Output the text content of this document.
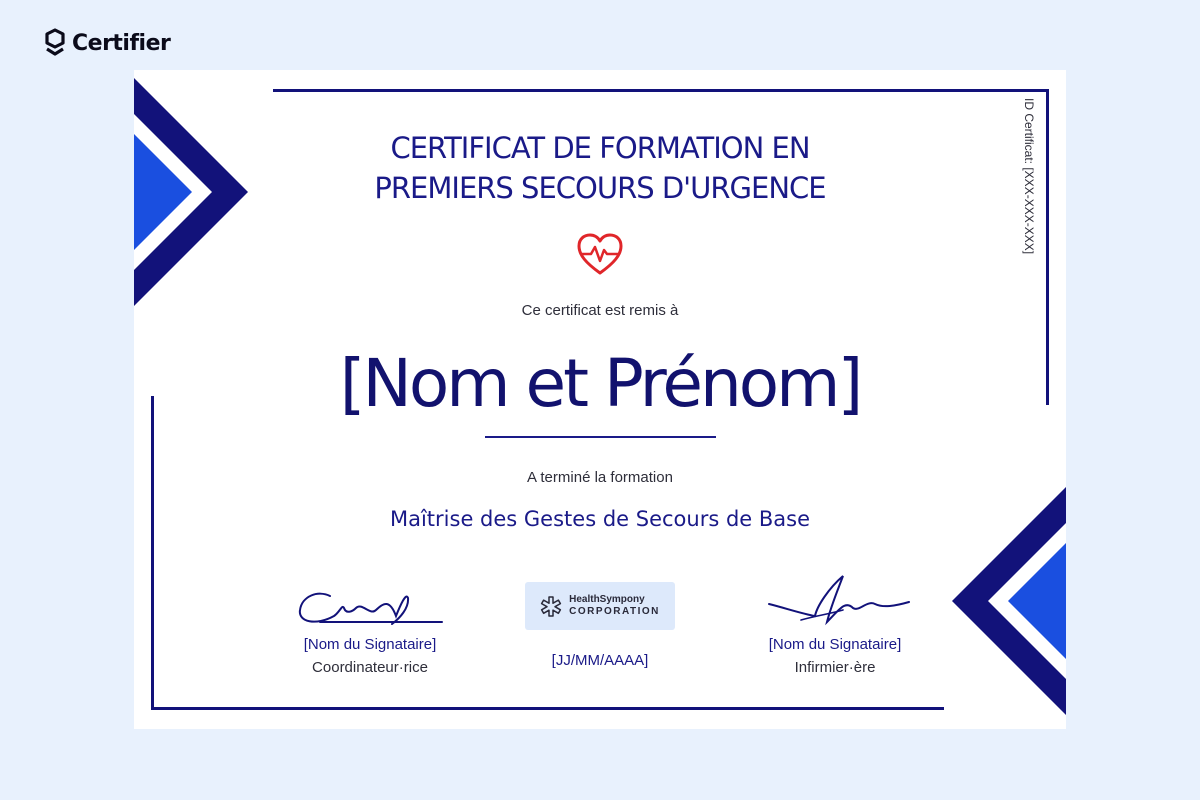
Certifier
ID Certificat: [XXX-XXX-XXX]
CERTIFICAT DE FORMATION EN
PREMIERS SECOURS D'URGENCE
Ce certificat est remis à
[Nom et Prénom]
A terminé la formation
Maîtrise des Gestes de Secours de Base
[Nom du Signataire]
Coordinateur·rice
HealthSympony
CORPORATION
[JJ/MM/AAAA]
[Nom du Signataire]
Infirmier·ère
